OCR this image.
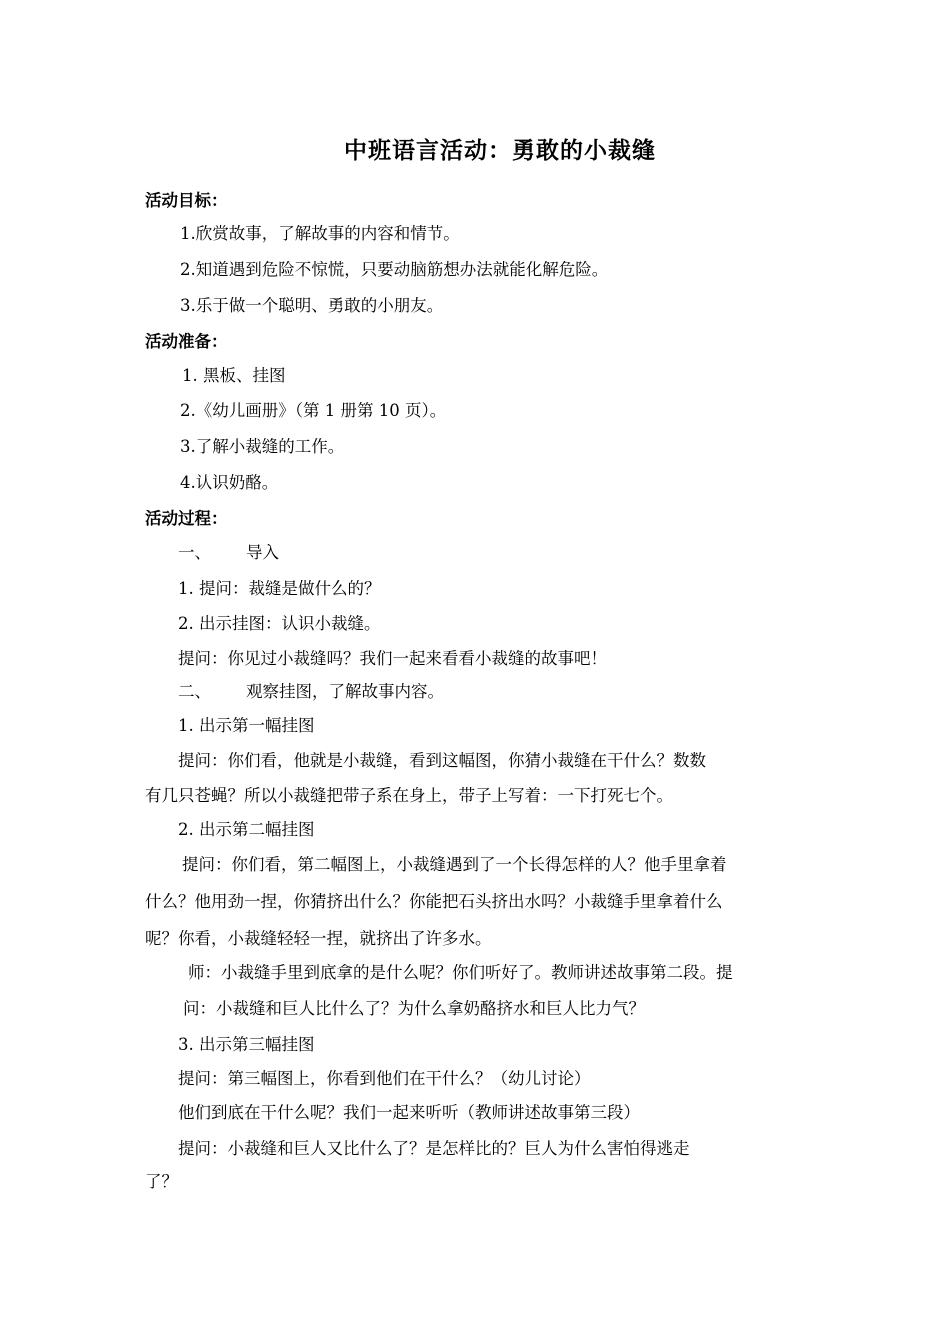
中班语言活动：勇敢的小裁缝
活动目标：
1.欣赏故事，了解故事的内容和情节。
2.知道遇到危险不惊慌，只要动脑筋想办法就能化解危险。
3.乐于做一个聪明、勇敢的小朋友。
活动准备：
1. 黑板、挂图
2.《幼儿画册》（第 1 册第 10 页）。
3.了解小裁缝的工作。
4.认识奶酪。
活动过程：
一、 导入
1. 提问：裁缝是做什么的？
2. 出示挂图：认识小裁缝。
提问：你见过小裁缝吗？我们一起来看看小裁缝的故事吧！
二、 观察挂图，了解故事内容。
1. 出示第一幅挂图
提问：你们看，他就是小裁缝，看到这幅图，你猜小裁缝在干什么？数数
有几只苍蝇？所以小裁缝把带子系在身上，带子上写着：一下打死七个。
2. 出示第二幅挂图
提问：你们看，第二幅图上，小裁缝遇到了一个长得怎样的人？他手里拿着
什么？他用劲一捏，你猜挤出什么？你能把石头挤出水吗？小裁缝手里拿着什么
呢？你看，小裁缝轻轻一捏，就挤出了许多水。
师：小裁缝手里到底拿的是什么呢？你们听好了。教师讲述故事第二段。提
问：小裁缝和巨人比什么了？为什么拿奶酪挤水和巨人比力气？
3. 出示第三幅挂图
提问：第三幅图上，你看到他们在干什么？（幼儿讨论）
他们到底在干什么呢？我们一起来听听（教师讲述故事第三段）
提问：小裁缝和巨人又比什么了？是怎样比的？巨人为什么害怕得逃走
了？
